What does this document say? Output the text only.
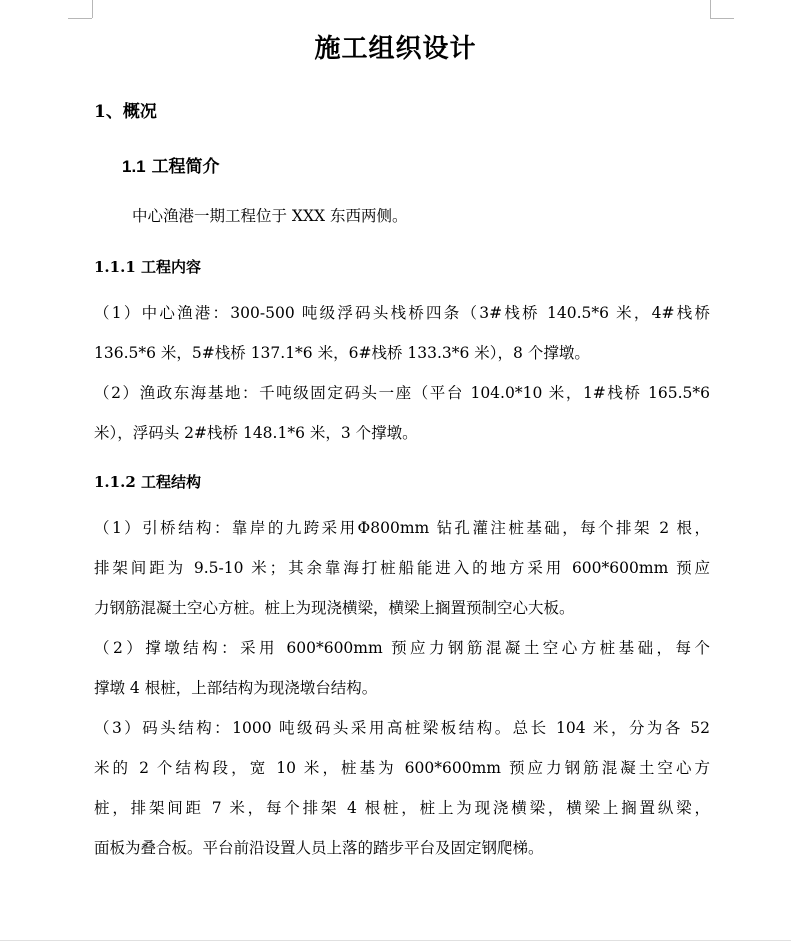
施工组织设计
1、概况
1.1 工程简介
中心渔港一期工程位于 XXX 东西两侧。
1.1.1 工程内容
（1）中心渔港：300-500 吨级浮码头栈桥四条（3#栈桥 140.5*6 米，4#栈桥
136.5*6 米，5#栈桥 137.1*6 米，6#栈桥 133.3*6 米），8 个撑墩。
（2）渔政东海基地：千吨级固定码头一座（平台 104.0*10 米，1#栈桥 165.5*6
米），浮码头 2#栈桥 148.1*6 米，3 个撑墩。
1.1.2 工程结构
（1）引桥结构：靠岸的九跨采用Φ800mm 钻孔灌注桩基础，每个排架 2 根，
排架间距为 9.5-10 米；其余靠海打桩船能进入的地方采用 600*600mm 预应
力钢筋混凝土空心方桩。桩上为现浇横梁，横梁上搁置预制空心大板。
（2）撑墩结构：采用 600*600mm 预应力钢筋混凝土空心方桩基础，每个
撑墩 4 根桩，上部结构为现浇墩台结构。
（3）码头结构：1000 吨级码头采用高桩梁板结构。总长 104 米，分为各 52
米的 2 个结构段，宽 10 米，桩基为 600*600mm 预应力钢筋混凝土空心方
桩，排架间距 7 米，每个排架 4 根桩，桩上为现浇横梁，横梁上搁置纵梁，
面板为叠合板。平台前沿设置人员上落的踏步平台及固定钢爬梯。
